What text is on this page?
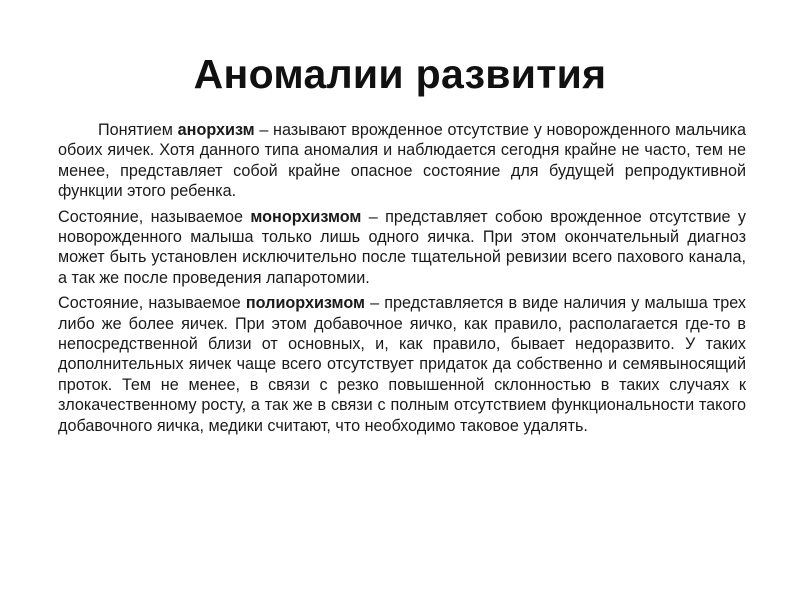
Аномалии развития

Понятием анорхизм – называют врожденное отсутствие у новорожденного мальчика обоих яичек. Хотя данного типа аномалия и наблюдается сегодня крайне не часто, тем не менее, представляет собой крайне опасное состояние для будущей репродуктивной функции этого ребенка.

Состояние, называемое монорхизмом – представляет собою врожденное отсутствие у новорожденного малыша только лишь одного яичка. При этом окончательный диагноз может быть установлен исключительно после тщательной ревизии всего пахового канала, а так же после проведения лапаротомии.

Состояние, называемое полиорхизмом – представляется в виде наличия у малыша трех либо же более яичек. При этом добавочное яичко, как правило, располагается где-то в непосредственной близи от основных, и, как правило, бывает недоразвито. У таких дополнительных яичек чаще всего отсутствует придаток да собственно и семявыносящий проток. Тем не менее, в связи с резко повышенной склонностью в таких случаях к злокачественному росту, а так же в связи с полным отсутствием функциональности такого добавочного яичка, медики считают, что необходимо таковое удалять.
